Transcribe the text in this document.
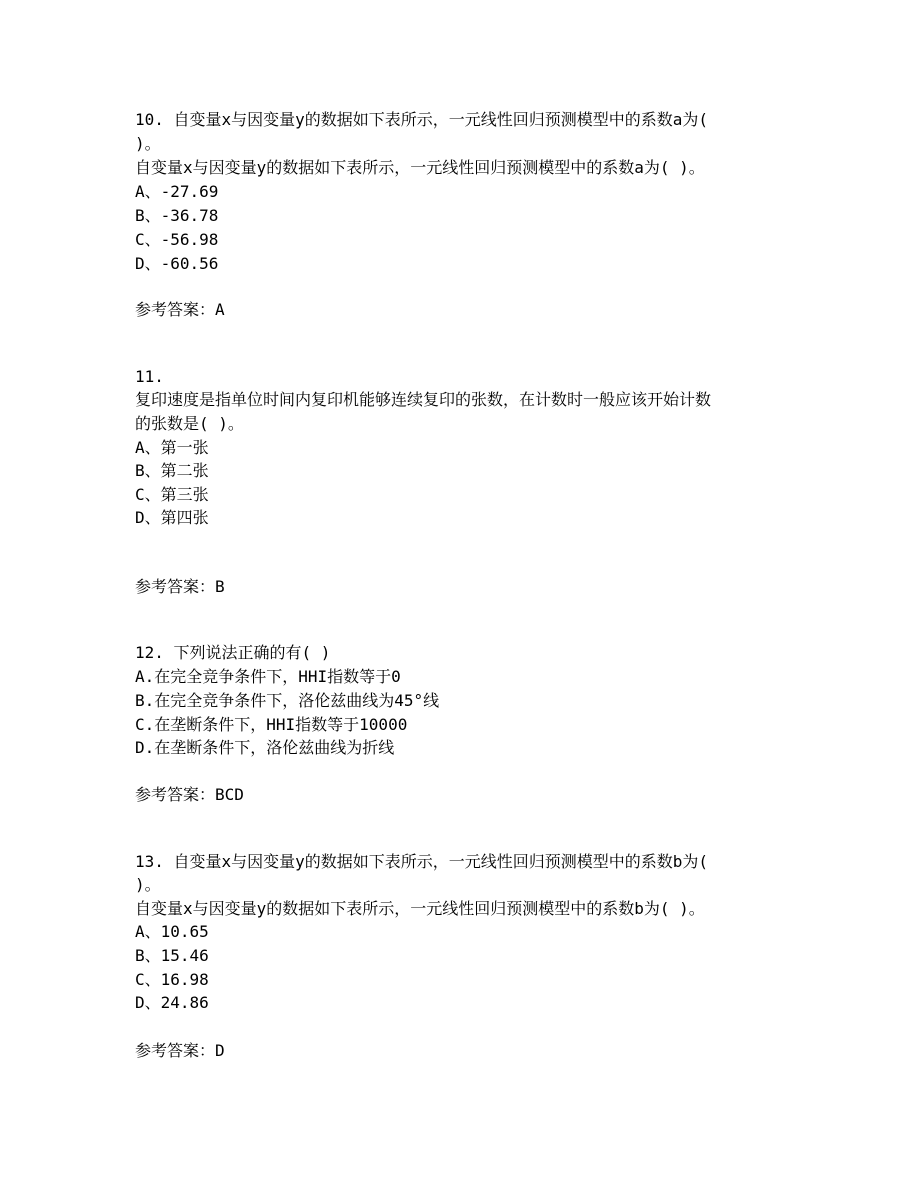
10. 自变量x与因变量y的数据如下表所示，一元线性回归预测模型中的系数a为(
)。
自变量x与因变量y的数据如下表所示，一元线性回归预测模型中的系数a为( )。
A、-27.69
B、-36.78
C、-56.98
D、-60.56
参考答案：A
11.
复印速度是指单位时间内复印机能够连续复印的张数，在计数时一般应该开始计数
的张数是( )。
A、第一张
B、第二张
C、第三张
D、第四张
参考答案：B
12. 下列说法正确的有( )
A.在完全竞争条件下，HHI指数等于0
B.在完全竞争条件下，洛伦兹曲线为45°线
C.在垄断条件下，HHI指数等于10000
D.在垄断条件下，洛伦兹曲线为折线
参考答案：BCD
13. 自变量x与因变量y的数据如下表所示，一元线性回归预测模型中的系数b为(
)。
自变量x与因变量y的数据如下表所示，一元线性回归预测模型中的系数b为( )。
A、10.65
B、15.46
C、16.98
D、24.86
参考答案：D
